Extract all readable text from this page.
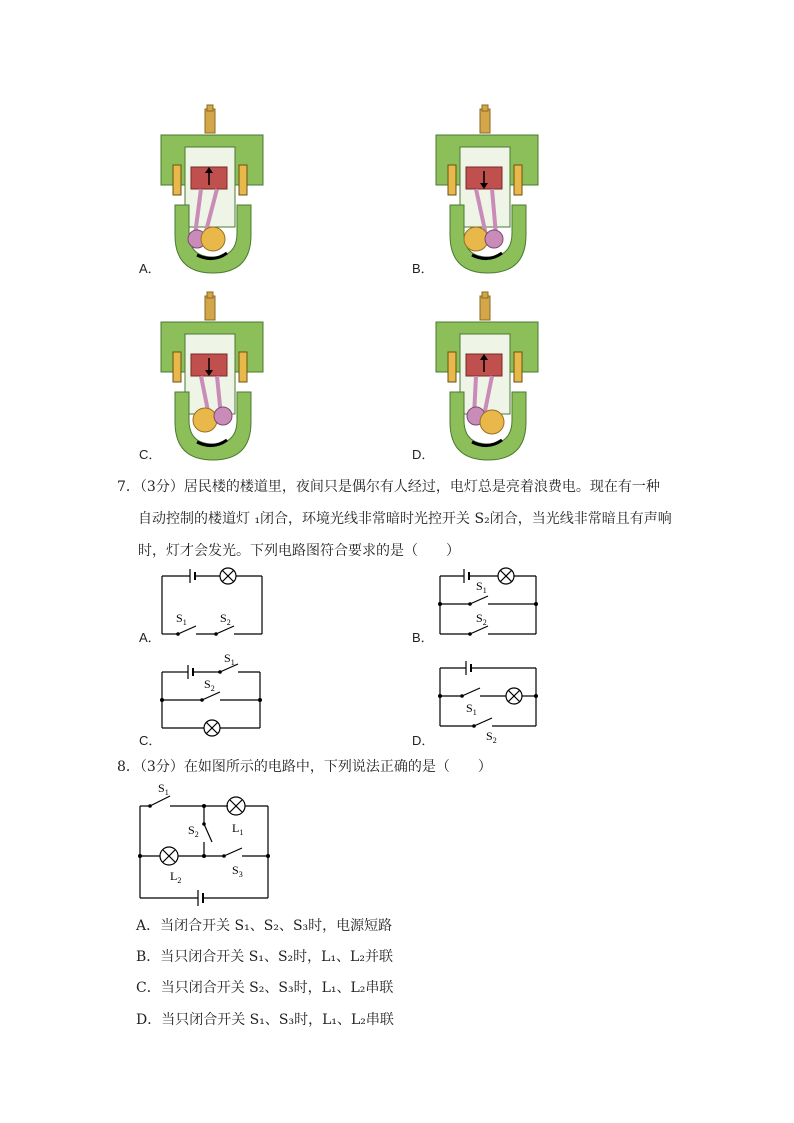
A．	B．
C．	D．
7．（3分）居民楼的楼道里，夜间只是偶尔有人经过，电灯总是亮着浪费电。现在有一种
自动控制的楼道灯 ₁闭合，环境光线非常暗时光控开关 S₂闭合，当光线非常暗且有声响
时，灯才会发光。下列电路图符合要求的是（　　）
$S_1$	$S_2$
A．
$S_1$
$S_2$
B．
$S_1$
$S_2$
C．
$S_1$
$S_2$
D．
8．（3分）在如图所示的电路中，下列说法正确的是（　　）
$S_1$
$S_2$	$L_1$
$L_2$
$S_3$
A．当闭合开关 S₁、S₂、S₃时，电源短路
B．当只闭合开关 S₁、S₂时，L₁、L₂并联
C．当只闭合开关 S₂、S₃时，L₁、L₂串联
D．当只闭合开关 S₁、S₃时，L₁、L₂串联
